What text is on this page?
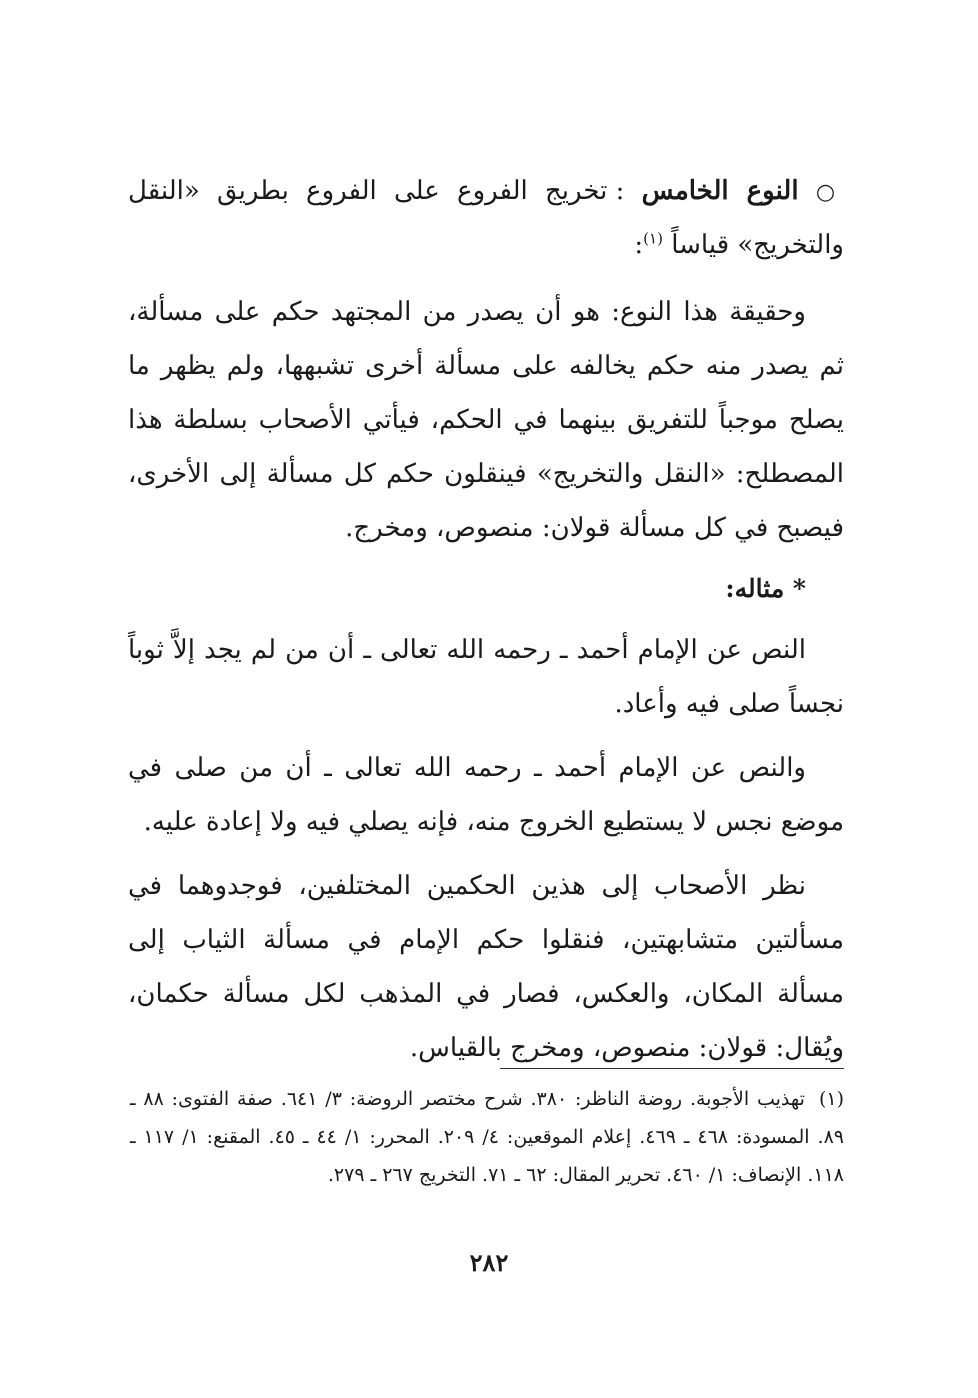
○ النوع الخامس : تخريج الفروع على الفروع بطريق «النقل والتخريج» قياساً $^{(١)}$:

وحقيقة هذا النوع: هو أن يصدر من المجتهد حكم على مسألة، ثم يصدر منه حكم يخالفه على مسألة أخرى تشبهها، ولم يظهر ما يصلح موجباً للتفريق بينهما في الحكم، فيأتي الأصحاب بسلطة هذا المصطلح: «النقل والتخريج» فينقلون حكم كل مسألة إلى الأخرى، فيصبح في كل مسألة قولان: منصوص، ومخرج.

* مثاله:

النص عن الإمام أحمد ـ رحمه الله تعالى ـ أن من لم يجد إلاَّ ثوباً نجساً صلى فيه وأعاد.

والنص عن الإمام أحمد ـ رحمه الله تعالى ـ أن من صلى في موضع نجس لا يستطيع الخروج منه، فإنه يصلي فيه ولا إعادة عليه.

نظر الأصحاب إلى هذين الحكمين المختلفين، فوجدوهما في مسألتين متشابهتين، فنقلوا حكم الإمام في مسألة الثياب إلى مسألة المكان، والعكس، فصار في المذهب لكل مسألة حكمان، ويُقال: قولان: منصوص، ومخرج بالقياس.

(١)تهذيب الأجوبة. روضة الناظر: ٣٨٠. شرح مختصر الروضة: ٣/ ٦٤١. صفة الفتوى: ٨٨ ـ ٨٩. المسودة: ٤٦٨ ـ ٤٦٩. إعلام الموقعين: ٤/ ٢٠٩. المحرر: ١/ ٤٤ ـ ٤٥. المقنع: ١/ ١١٧ ـ ١١٨. الإنصاف: ١/ ٤٦٠. تحرير المقال: ٦٢ ـ ٧١. التخريج ٢٦٧ ـ ٢٧٩.

٢٨٢
